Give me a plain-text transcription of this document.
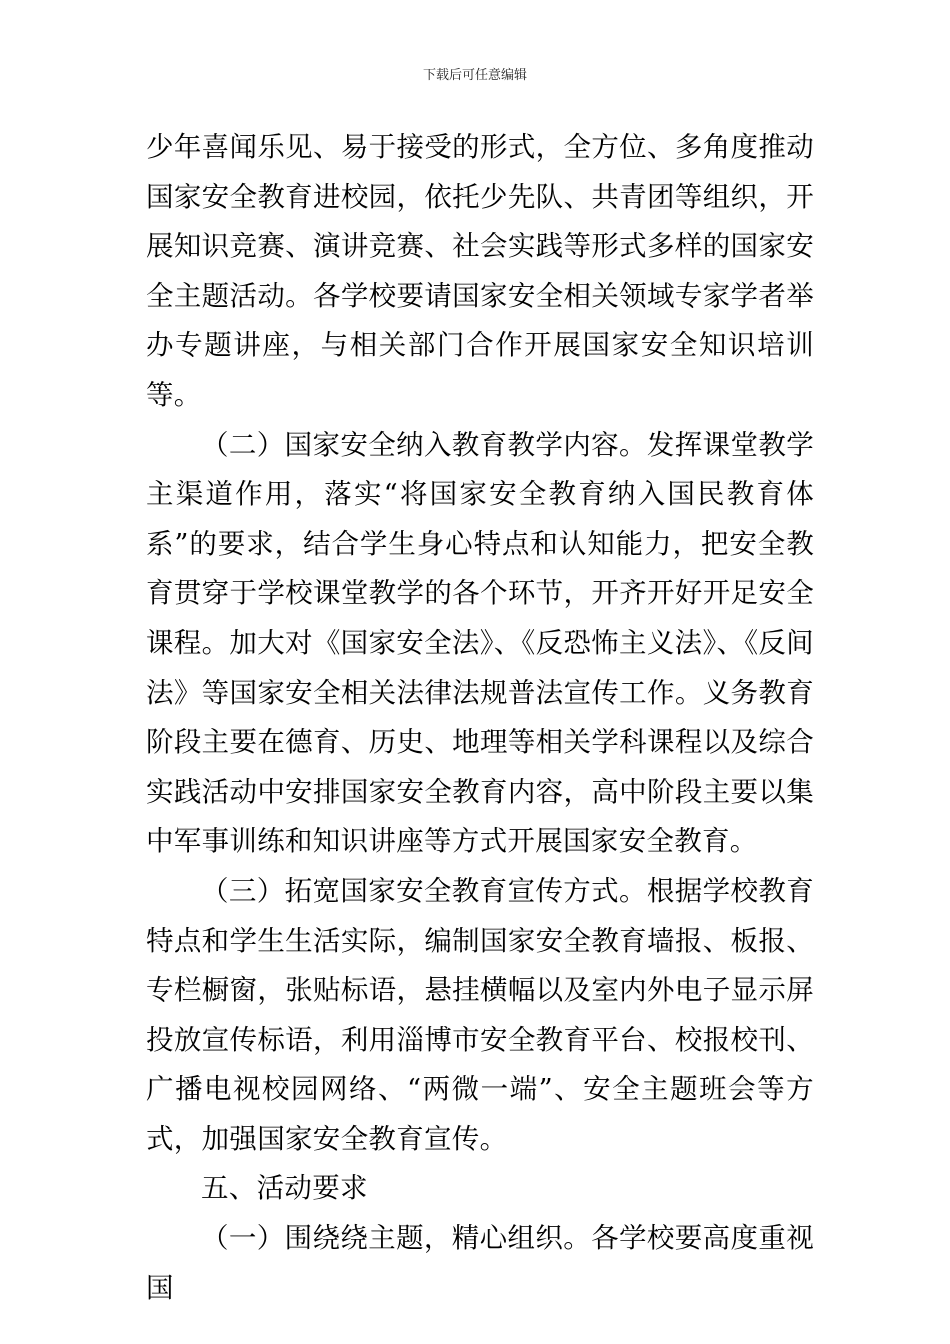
下载后可任意编辑

少年喜闻乐见、易于接受的形式，全方位、多角度推动国家安全教育进校园，依托少先队、共青团等组织，开展知识竞赛、演讲竞赛、社会实践等形式多样的国家安全主题活动。各学校要请国家安全相关领域专家学者举办专题讲座，与相关部门合作开展国家安全知识培训等。

（二）国家安全纳入教育教学内容。发挥课堂教学主渠道作用，落实“将国家安全教育纳入国民教育体系”的要求，结合学生身心特点和认知能力，把安全教育贯穿于学校课堂教学的各个环节，开齐开好开足安全课程。加大对《国家安全法》、《反恐怖主义法》、《反间法》等国家安全相关法律法规普法宣传工作。义务教育阶段主要在德育、历史、地理等相关学科课程以及综合实践活动中安排国家安全教育内容，高中阶段主要以集中军事训练和知识讲座等方式开展国家安全教育。

（三）拓宽国家安全教育宣传方式。根据学校教育特点和学生生活实际，编制国家安全教育墙报、板报、专栏橱窗，张贴标语，悬挂横幅以及室内外电子显示屏投放宣传标语，利用淄博市安全教育平台、校报校刊、广播电视校园网络、“两微一端”、安全主题班会等方式，加强国家安全教育宣传。

五、活动要求

（一）围绕绕主题，精心组织。各学校要高度重视国
